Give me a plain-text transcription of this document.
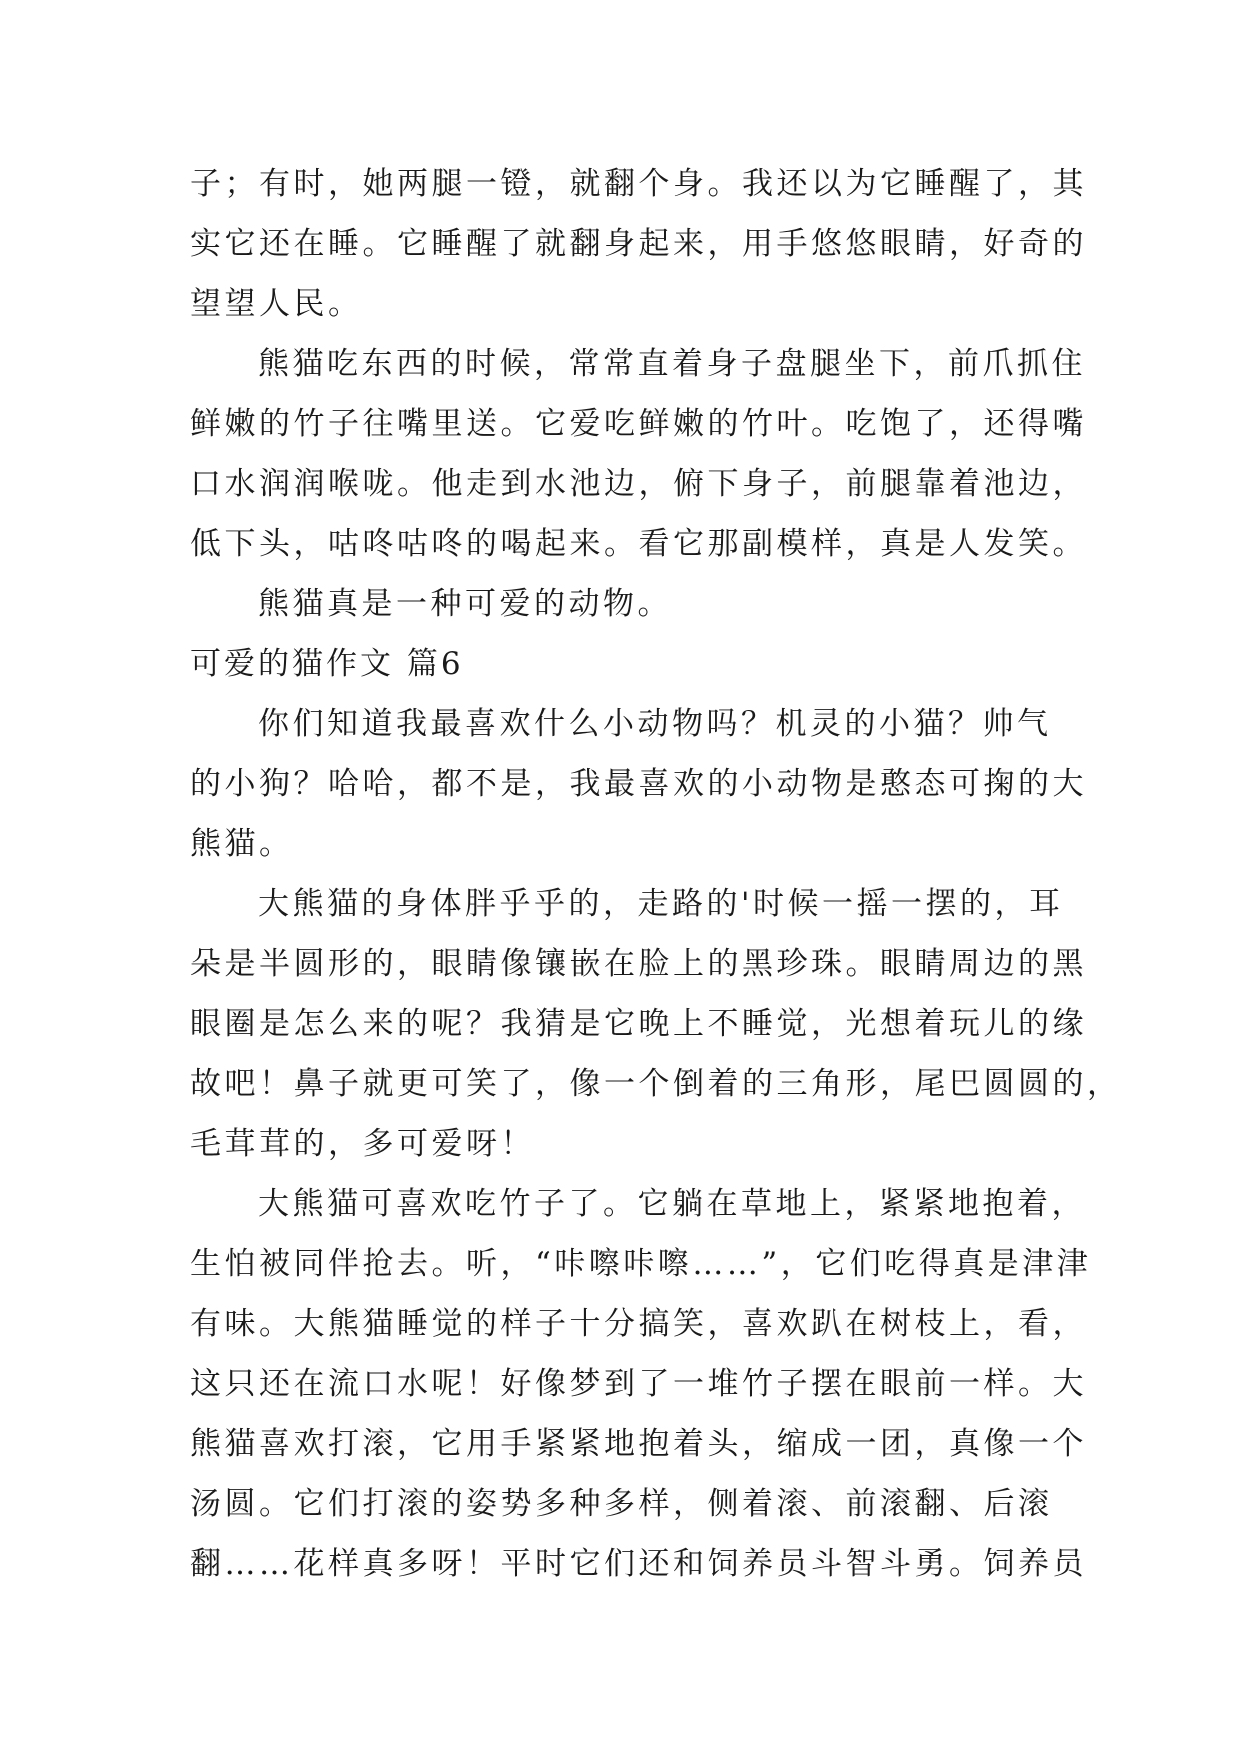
子；有时，她两腿一镫，就翻个身。我还以为它睡醒了，其
实它还在睡。它睡醒了就翻身起来，用手悠悠眼睛，好奇的
望望人民。
熊猫吃东西的时候，常常直着身子盘腿坐下，前爪抓住
鲜嫩的竹子往嘴里送。它爱吃鲜嫩的竹叶。吃饱了，还得嘴
口水润润喉咙。他走到水池边，俯下身子，前腿靠着池边，
低下头，咕咚咕咚的喝起来。看它那副模样，真是人发笑。
熊猫真是一种可爱的动物。
可爱的猫作文 篇6
你们知道我最喜欢什么小动物吗？机灵的小猫？帅气
的小狗？哈哈，都不是，我最喜欢的小动物是憨态可掬的大
熊猫。
大熊猫的身体胖乎乎的，走路的'时候一摇一摆的，耳
朵是半圆形的，眼睛像镶嵌在脸上的黑珍珠。眼睛周边的黑
眼圈是怎么来的呢？我猜是它晚上不睡觉，光想着玩儿的缘
故吧！鼻子就更可笑了，像一个倒着的三角形，尾巴圆圆的，
毛茸茸的，多可爱呀！
大熊猫可喜欢吃竹子了。它躺在草地上，紧紧地抱着，
生怕被同伴抢去。听，“咔嚓咔嚓……”，它们吃得真是津津
有味。大熊猫睡觉的样子十分搞笑，喜欢趴在树枝上，看，
这只还在流口水呢！好像梦到了一堆竹子摆在眼前一样。大
熊猫喜欢打滚，它用手紧紧地抱着头，缩成一团，真像一个
汤圆。它们打滚的姿势多种多样，侧着滚、前滚翻、后滚
翻……花样真多呀！平时它们还和饲养员斗智斗勇。饲养员
